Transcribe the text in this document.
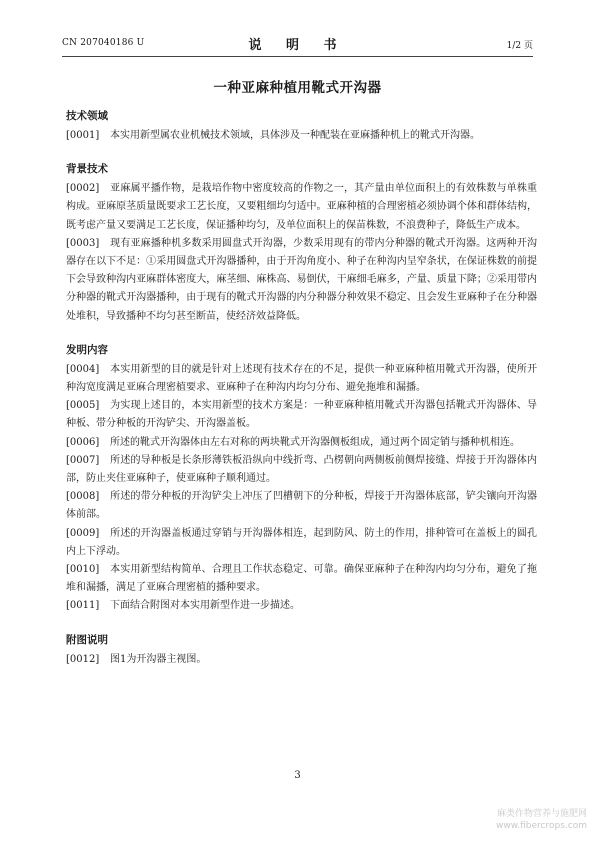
CN 207040186 U	说 明 书	1/2 页
一种亚麻种植用靴式开沟器
技术领域

[0001] 本实用新型属农业机械技术领域，具体涉及一种配装在亚麻播种机上的靴式开沟器。

背景技术

[0002] 亚麻属平播作物，是栽培作物中密度较高的作物之一，其产量由单位面积上的有效株数与单株重构成。亚麻原茎质量既要求工艺长度，又要粗细均匀适中。亚麻种植的合理密植必须协调个体和群体结构，既考虑产量又要满足工艺长度，保证播种均匀，及单位面积上的保苗株数，不浪费种子，降低生产成本。

[0003] 现有亚麻播种机多数采用圆盘式开沟器，少数采用现有的带内分种器的靴式开沟器。这两种开沟器存在以下不足：①采用圆盘式开沟器播种，由于开沟角度小、种子在种沟内呈窄条状，在保证株数的前提下会导致种沟内亚麻群体密度大，麻茎细、麻株高、易倒伏，干麻细毛麻多，产量、质量下降；②采用带内分种器的靴式开沟器播种，由于现有的靴式开沟器的内分种器分种效果不稳定、且会发生亚麻种子在分种器处堆积，导致播种不均匀甚至断苗，使经济效益降低。

发明内容

[0004] 本实用新型的目的就是针对上述现有技术存在的不足，提供一种亚麻种植用靴式开沟器，使所开种沟宽度满足亚麻合理密植要求、亚麻种子在种沟内均匀分布、避免拖堆和漏播。

[0005] 为实现上述目的，本实用新型的技术方案是：一种亚麻种植用靴式开沟器包括靴式开沟器体、导种板、带分种板的开沟铲尖、开沟器盖板。

[0006] 所述的靴式开沟器体由左右对称的两块靴式开沟器侧板组成，通过两个固定销与播种机相连。

[0007] 所述的导种板是长条形薄铁板沿纵向中线折弯、凸楞朝向两侧板前侧焊接缝、焊接于开沟器体内部，防止夹住亚麻种子，使亚麻种子顺利通过。

[0008] 所述的带分种板的开沟铲尖上冲压了凹槽朝下的分种板，焊接于开沟器体底部，铲尖镶向开沟器体前部。

[0009] 所述的开沟器盖板通过穿销与开沟器体相连，起到防风、防土的作用，排种管可在盖板上的圆孔内上下浮动。

[0010] 本实用新型结构简单、合理且工作状态稳定、可靠。确保亚麻种子在种沟内均匀分布，避免了拖堆和漏播，满足了亚麻合理密植的播种要求。

[0011] 下面结合附图对本实用新型作进一步描述。

附图说明

[0012] 图1为开沟器主视图。

3
麻类作物营养与施肥网
www.fibercrops.com
